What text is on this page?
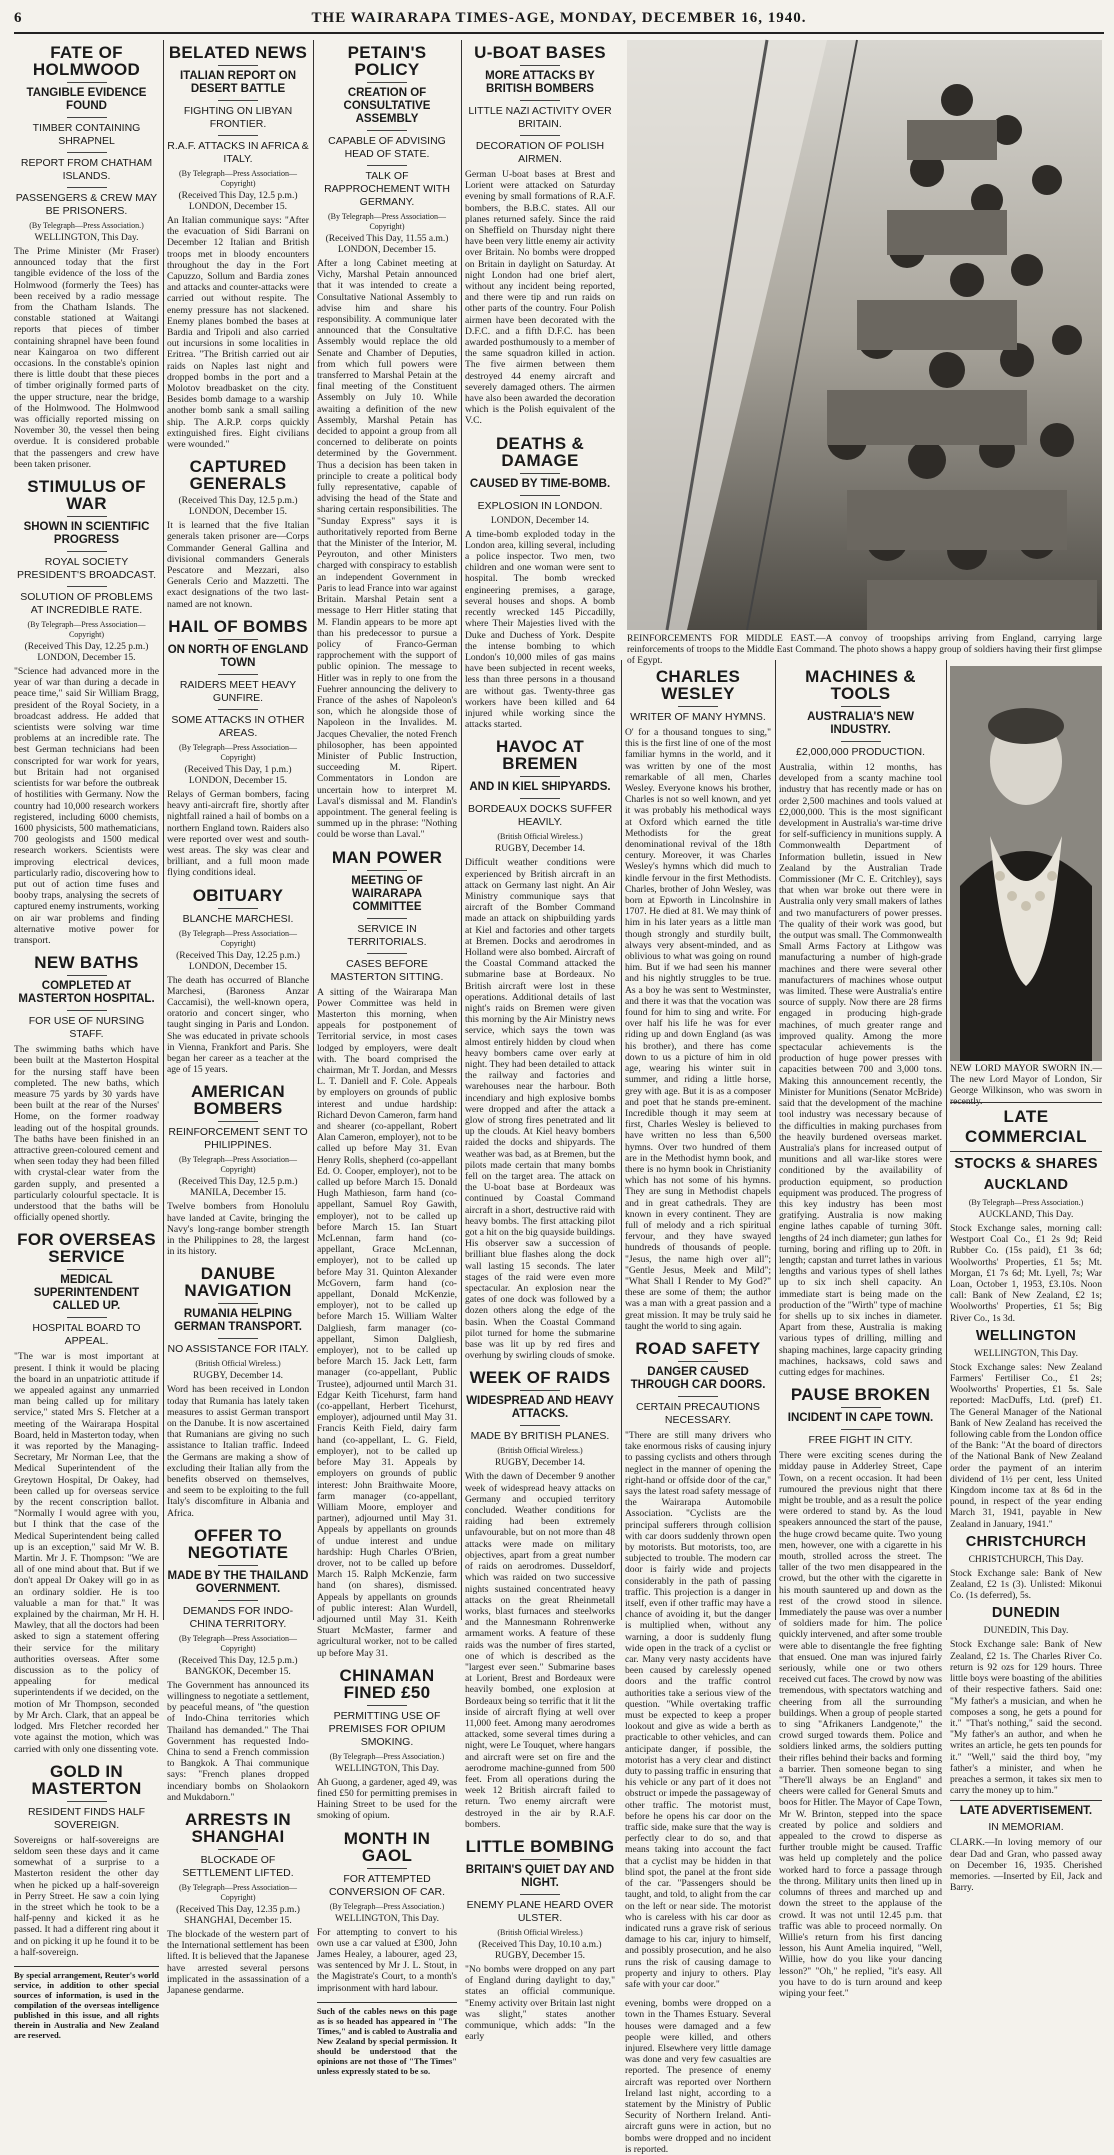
6	THE WAIRARAPA TIMES-AGE, MONDAY, DECEMBER 16, 1940.
FATE OF HOLMWOOD
TANGIBLE EVIDENCE FOUND
TIMBER CONTAINING SHRAPNEL
REPORT FROM CHATHAM ISLANDS.
PASSENGERS & CREW MAY BE PRISONERS.
(By Telegraph—Press Association.)
WELLINGTON, This Day.
The Prime Minister (Mr Fraser) announced today that the first tangible evidence of the loss of the Holmwood (formerly the Tees) has been received by a radio message from the Chatham Islands. The constable stationed at Waitangi reports that pieces of timber containing shrapnel have been found near Kaingaroa on two different occasions. In the constable's opinion there is little doubt that these pieces of timber originally formed parts of the upper structure, near the bridge, of the Holmwood. The Holmwood was officially reported missing on November 30, the vessel then being overdue. It is considered probable that the passengers and crew have been taken prisoner.
STIMULUS OF WAR
SHOWN IN SCIENTIFIC PROGRESS
ROYAL SOCIETY PRESIDENT'S BROADCAST.
SOLUTION OF PROBLEMS AT INCREDIBLE RATE.
(By Telegraph—Press Association—Copyright)
(Received This Day, 12.25 p.m.) LONDON, December 15.
"Science had advanced more in the year of war than during a decade in peace time," said Sir William Bragg, president of the Royal Society, in a broadcast address. He added that scientists were solving war time problems at an incredible rate. The best German technicians had been conscripted for war work for years, but Britain had not organised scientists for war before the outbreak of hostilities with Germany. Now the country had 10,000 research workers registered, including 6000 chemists, 1600 physicists, 500 mathematicians, 700 geologists and 1500 medical research workers. Scientists were improving electrical devices, particularly radio, discovering how to put out of action time fuses and booby traps, analysing the secrets of captured enemy instruments, working on air war problems and finding alternative motive power for transport.
NEW BATHS
COMPLETED AT MASTERTON HOSPITAL.
FOR USE OF NURSING STAFF.
The swimming baths which have been built at the Masterton Hospital for the nursing staff have been completed. The new baths, which measure 75 yards by 30 yards have been built at the rear of the Nurses' Home, on the former roadway leading out of the hospital grounds. The baths have been finished in an attractive green-coloured cement and when seen today they had been filled with crystal-clear water from the garden supply, and presented a particularly colourful spectacle. It is understood that the baths will be officially opened shortly.
FOR OVERSEAS SERVICE
MEDICAL SUPERINTENDENT CALLED UP.
HOSPITAL BOARD TO APPEAL.
"The war is most important at present. I think it would be placing the board in an unpatriotic attitude if we appealed against any unmarried man being called up for military service," stated Mrs S. Fletcher at a meeting of the Wairarapa Hospital Board, held in Masterton today, when it was reported by the Managing-Secretary, Mr Norman Lee, that the Medical Superintendent of the Greytown Hospital, Dr Oakey, had been called up for overseas service by the recent conscription ballot. "Normally I would agree with you, but I think that the case of the Medical Superintendent being called up is an exception," said Mr W. B. Martin. Mr J. F. Thompson: "We are all of one mind about that. But if we don't appeal Dr Oakey will go in as an ordinary soldier. He is too valuable a man for that." It was explained by the chairman, Mr H. H. Mawley, that all the doctors had been asked to sign a statement offering their service for the military authorities overseas. After some discussion as to the policy of appealing for medical superintendents if we decided, on the motion of Mr Thompson, seconded by Mr Arch. Clark, that an appeal be lodged. Mrs Fletcher recorded her vote against the motion, which was carried with only one dissenting vote.
GOLD IN MASTERTON
RESIDENT FINDS HALF SOVEREIGN.
Sovereigns or half-sovereigns are seldom seen these days and it came somewhat of a surprise to a Masterton resident the other day when he picked up a half-sovereign in Perry Street. He saw a coin lying in the street which he took to be a half-penny and kicked it as he passed. It had a different ring about it and on picking it up he found it to be a half-sovereign.
By special arrangement, Reuter's world service, in addition to other special sources of information, is used in the compilation of the overseas intelligence published in this issue, and all rights therein in Australia and New Zealand are reserved.
BELATED NEWS
ITALIAN REPORT ON DESERT BATTLE
FIGHTING ON LIBYAN FRONTIER.
R.A.F. ATTACKS IN AFRICA & ITALY.
(By Telegraph—Press Association—Copyright)
(Received This Day, 12.5 p.m.) LONDON, December 15.
An Italian communique says: "After the evacuation of Sidi Barrani on December 12 Italian and British troops met in bloody encounters throughout the day in the Fort Capuzzo, Sollum and Bardia zones and attacks and counter-attacks were carried out without respite. The enemy pressure has not slackened. Enemy planes bombed the bases at Bardia and Tripoli and also carried out incursions in some localities in Eritrea. "The British carried out air raids on Naples last night and dropped bombs in the port and a Molotov breadbasket on the city. Besides bomb damage to a warship another bomb sank a small sailing ship. The A.R.P. corps quickly extinguished fires. Eight civilians were wounded."
CAPTURED GENERALS
(Received This Day, 12.5 p.m.) LONDON, December 15.
It is learned that the five Italian generals taken prisoner are—Corps Commander General Gallina and divisional commanders Generals Pescatore and Mezzari, also Generals Cerio and Mazzetti. The exact designations of the two last-named are not known.
HAIL OF BOMBS
ON NORTH OF ENGLAND TOWN
RAIDERS MEET HEAVY GUNFIRE.
SOME ATTACKS IN OTHER AREAS.
(By Telegraph—Press Association—Copyright)
(Received This Day, 1 p.m.) LONDON, December 15.
Relays of German bombers, facing heavy anti-aircraft fire, shortly after nightfall rained a hail of bombs on a northern England town. Raiders also were reported over west and south-west areas. The sky was clear and brilliant, and a full moon made flying conditions ideal.
OBITUARY
BLANCHE MARCHESI.
(By Telegraph—Press Association—Copyright)
(Received This Day, 12.25 p.m.) LONDON, December 15.
The death has occurred of Blanche Marchesi, (Baroness Anzar Caccamisi), the well-known opera, oratorio and concert singer, who taught singing in Paris and London. She was educated in private schools in Vienna, Frankfort and Paris. She began her career as a teacher at the age of 15 years.
AMERICAN BOMBERS
REINFORCEMENT SENT TO PHILIPPINES.
(By Telegraph—Press Association—Copyright)
(Received This Day, 12.5 p.m.) MANILA, December 15.
Twelve bombers from Honolulu have landed at Cavite, bringing the Navy's long-range bomber strength in the Philippines to 28, the largest in its history.
DANUBE NAVIGATION
RUMANIA HELPING GERMAN TRANSPORT.
NO ASSISTANCE FOR ITALY.
(British Official Wireless.)
RUGBY, December 14.
Word has been received in London today that Rumania has lately taken measures to assist German transport on the Danube. It is now ascertained that Rumanians are giving no such assistance to Italian traffic. Indeed the Germans are making a show of excluding their Italian ally from the benefits observed on themselves, and seem to be exploiting to the full Italy's discomfiture in Albania and Africa.
OFFER TO NEGOTIATE
MADE BY THE THAILAND GOVERNMENT.
DEMANDS FOR INDO-CHINA TERRITORY.
(By Telegraph—Press Association—Copyright)
(Received This Day, 12.5 p.m.) BANGKOK, December 15.
The Government has announced its willingness to negotiate a settlement, by peaceful means, of "the question of Indo-China territories which Thailand has demanded." The Thai Government has requested Indo-China to send a French commission to Bangkok. A Thai communique says: "French planes dropped incendiary bombs on Sholaokorn and Mukdaborn."
ARRESTS IN SHANGHAI
BLOCKADE OF SETTLEMENT LIFTED.
(By Telegraph—Press Association—Copyright)
(Received This Day, 12.35 p.m.) SHANGHAI, December 15.
The blockade of the western part of the International settlement has been lifted. It is believed that the Japanese have arrested several persons implicated in the assassination of a Japanese gendarme.
PETAIN'S POLICY
CREATION OF CONSULTATIVE ASSEMBLY
CAPABLE OF ADVISING HEAD OF STATE.
TALK OF RAPPROCHEMENT WITH GERMANY.
(By Telegraph—Press Association—Copyright)
(Received This Day, 11.55 a.m.) LONDON, December 15.
After a long Cabinet meeting at Vichy, Marshal Petain announced that it was intended to create a Consultative National Assembly to advise him and share his responsibility. A communique later announced that the Consultative Assembly would replace the old Senate and Chamber of Deputies, from which full powers were transferred to Marshal Petain at the final meeting of the Constituent Assembly on July 10. While awaiting a definition of the new Assembly, Marshal Petain has decided to appoint a group from all concerned to deliberate on points determined by the Government. Thus a decision has been taken in principle to create a political body fully representative, capable of advising the head of the State and sharing certain responsibilities. The "Sunday Express" says it is authoritatively reported from Berne that the Minister of the Interior, M. Peyrouton, and other Ministers charged with conspiracy to establish an independent Government in Paris to lead France into war against Britain. Marshal Petain sent a message to Herr Hitler stating that M. Flandin appears to be more apt than his predecessor to pursue a policy of Franco-German rapprochement with the support of public opinion. The message to Hitler was in reply to one from the Fuehrer announcing the delivery to France of the ashes of Napoleon's son, which he alongside those of Napoleon in the Invalides. M. Jacques Chevalier, the noted French philosopher, has been appointed Minister of Public Instruction, succeeding M. Ripert. Commentators in London are uncertain how to interpret M. Laval's dismissal and M. Flandin's appointment. The general feeling is summed up in the phrase: "Nothing could be worse than Laval."
MAN POWER
MEETING OF WAIRARAPA COMMITTEE
SERVICE IN TERRITORIALS.
CASES BEFORE MASTERTON SITTING.
A sitting of the Wairarapa Man Power Committee was held in Masterton this morning, when appeals for postponement of Territorial service, in most cases lodged by employers, were dealt with. The board comprised the chairman, Mr T. Jordan, and Messrs L. T. Daniell and F. Cole. Appeals by employers on grounds of public interest and undue hardship: Richard Devon Cameron, farm hand and shearer (co-appellant, Robert Alan Cameron, employer), not to be called up before May 31. Evan Henry Rolls, shepherd (co-appellant Ed. O. Cooper, employer), not to be called up before March 15. Donald Hugh Mathieson, farm hand (co-appellant, Samuel Roy Gawith, employer), not to be called up before March 15. Ian Stuart McLennan, farm hand (co-appellant, Grace McLennan, employer), not to be called up before May 31. Quinton Alexander McGovern, farm hand (co-appellant, Donald McKenzie, employer), not to be called up before March 15. William Walter Dalgliesh, farm manager (co-appellant, Simon Dalgliesh, employer), not to be called up before March 15. Jack Lett, farm manager (co-appellant, Public Trustee), adjourned until March 31. Edgar Keith Ticehurst, farm hand (co-appellant, Herbert Ticehurst, employer), adjourned until May 31. Francis Keith Field, dairy farm hand (co-appellant, L. G. Field, employer), not to be called up before May 31. Appeals by employers on grounds of public interest: John Braithwaite Moore, farm manager (co-appellant, William Moore, employer and partner), adjourned until May 31. Appeals by appellants on grounds of undue interest and undue hardship: Hugh Charles O'Brien, drover, not to be called up before March 15. Ralph McKenzie, farm hand (on shares), dismissed. Appeals by appellants on grounds of public interest: Alan Wurdell, adjourned until May 31. Keith Stuart McMaster, farmer and agricultural worker, not to be called up before May 31.
CHINAMAN FINED £50
PERMITTING USE OF PREMISES FOR OPIUM SMOKING.
(By Telegraph—Press Association.)
WELLINGTON, This Day.
Ah Guong, a gardener, aged 49, was fined £50 for permitting premises in Haining Street to be used for the smoking of opium.
MONTH IN GAOL
FOR ATTEMPTED CONVERSION OF CAR.
(By Telegraph—Press Association.)
WELLINGTON, This Day.
For attempting to convert to his own use a car valued at £300, John James Healey, a labourer, aged 23, was sentenced by Mr J. L. Stout, in the Magistrate's Court, to a month's imprisonment with hard labour.
Such of the cables news on this page as is so headed has appeared in "The Times," and is cabled to Australia and New Zealand by special permission. It should be understood that the opinions are not those of "The Times" unless expressly stated to be so.
U-BOAT BASES
MORE ATTACKS BY BRITISH BOMBERS
LITTLE NAZI ACTIVITY OVER BRITAIN.
DECORATION OF POLISH AIRMEN.
German U-boat bases at Brest and Lorient were attacked on Saturday evening by small formations of R.A.F. bombers, the B.B.C. states. All our planes returned safely. Since the raid on Sheffield on Thursday night there have been very little enemy air activity over Britain. No bombs were dropped on Britain in daylight on Saturday. At night London had one brief alert, without any incident being reported, and there were tip and run raids on other parts of the country. Four Polish airmen have been decorated with the D.F.C. and a fifth D.F.C. has been awarded posthumously to a member of the same squadron killed in action. The five airmen between them destroyed 44 enemy aircraft and severely damaged others. The airmen have also been awarded the decoration which is the Polish equivalent of the V.C.
DEATHS & DAMAGE
CAUSED BY TIME-BOMB.
EXPLOSION IN LONDON.
LONDON, December 14.
A time-bomb exploded today in the London area, killing several, including a police inspector. Two men, two children and one woman were sent to hospital. The bomb wrecked engineering premises, a garage, several houses and shops. A bomb recently wrecked 145 Piccadilly, where Their Majesties lived with the Duke and Duchess of York. Despite the intense bombing to which London's 10,000 miles of gas mains have been subjected in recent weeks, less than three persons in a thousand are without gas. Twenty-three gas workers have been killed and 64 injured while working since the attacks started.
HAVOC AT BREMEN
AND IN KIEL SHIPYARDS.
BORDEAUX DOCKS SUFFER HEAVILY.
(British Official Wireless.)
RUGBY, December 14.
Difficult weather conditions were experienced by British aircraft in an attack on Germany last night. An Air Ministry communique says that aircraft of the Bomber Command made an attack on shipbuilding yards at Kiel and factories and other targets at Bremen. Docks and aerodromes in Holland were also bombed. Aircraft of the Coastal Command attacked the submarine base at Bordeaux. No British aircraft were lost in these operations. Additional details of last night's raids on Bremen were given this morning by the Air Ministry news service, which says the town was almost entirely hidden by cloud when heavy bombers came over early at night. They had been detailed to attack the railway and factories and warehouses near the harbour. Both incendiary and high explosive bombs were dropped and after the attack a glow of strong fires penetrated and lit up the clouds. At Kiel heavy bombers raided the docks and shipyards. The weather was bad, as at Bremen, but the pilots made certain that many bombs fell on the target area. The attack on the U-boat base at Bordeaux was continued by Coastal Command aircraft in a short, destructive raid with heavy bombs. The first attacking pilot got a hit on the big quayside buildings. His observer saw a succession of brilliant blue flashes along the dock wall lasting 15 seconds. The later stages of the raid were even more spectacular. An explosion near the gates of one dock was followed by a dozen others along the edge of the basin. When the Coastal Command pilot turned for home the submarine base was lit up by red fires and overhung by swirling clouds of smoke.
WEEK OF RAIDS
WIDESPREAD AND HEAVY ATTACKS.
MADE BY BRITISH PLANES.
(British Official Wireless.)
RUGBY, December 14.
With the dawn of December 9 another week of widespread heavy attacks on Germany and occupied territory concluded. Weather conditions for raiding had been extremely unfavourable, but on not more than 48 attacks were made on military objectives, apart from a great number of raids on aerodromes. Dusseldorf, which was raided on two successive nights sustained concentrated heavy attacks on the great Rheinmetall works, blast furnaces and steelworks and the Mannesmann Rohrenwerke armament works. A feature of these raids was the number of fires started, one of which is described as the "largest ever seen." Submarine bases at Lorient, Brest and Bordeaux were heavily bombed, one explosion at Bordeaux being so terrific that it lit the inside of aircraft flying at well over 11,000 feet. Among many aerodromes attacked, some several times during a night, were Le Touquet, where hangars and aircraft were set on fire and the aerodrome machine-gunned from 500 feet. From all operations during the week 12 British aircraft failed to return. Two enemy aircraft were destroyed in the air by R.A.F. bombers.
LITTLE BOMBING
BRITAIN'S QUIET DAY AND NIGHT.
ENEMY PLANE HEARD OVER ULSTER.
(British Official Wireless.)
(Received This Day, 10.10 a.m.) RUGBY, December 15.
"No bombs were dropped on any part of England during daylight to day," states an official communique. "Enemy activity over Britain last night was slight," states another communique, which adds: "In the early
REINFORCEMENTS FOR MIDDLE EAST.—A convoy of troopships arriving from England, carrying large reinforcements of troops to the Middle East Command. The photo shows a happy group of soldiers having their first glimpse of Egypt.
CHARLES WESLEY
WRITER OF MANY HYMNS.
O' for a thousand tongues to sing," this is the first line of one of the most familiar hymns in the world, and it was written by one of the most remarkable of all men, Charles Wesley. Everyone knows his brother, Charles is not so well known, and yet it was probably his methodical ways at Oxford which earned the title Methodists for the great denominational revival of the 18th century. Moreover, it was Charles Wesley's hymns which did much to kindle fervour in the first Methodists. Charles, brother of John Wesley, was born at Epworth in Lincolnshire in 1707. He died at 81. We may think of him in his later years as a little man though strongly and sturdily built, always very absent-minded, and as oblivious to what was going on round him. But if we had seen his manner and his nightly struggles to be true. As a boy he was sent to Westminster, and there it was that the vocation was found for him to sing and write. For over half his life he was for ever riding up and down England (as was his brother), and there has come down to us a picture of him in old age, wearing his winter suit in summer, and riding a little horse, grey with age. But it is as a composer and poet that he stands pre-eminent. Incredible though it may seem at first, Charles Wesley is believed to have written no less than 6,500 hymns. Over two hundred of them are in the Methodist hymn book, and there is no hymn book in Christianity which has not some of his hymns. They are sung in Methodist chapels and in great cathedrals. They are known in every continent. They are full of melody and a rich spiritual fervour, and they have swayed hundreds of thousands of people. "Jesus, the name high over all"; "Gentle Jesus, Meek and Mild"; "What Shall I Render to My God?" these are some of them; the author was a man with a great passion and a great mission. It may be truly said he taught the world to sing again.
ROAD SAFETY
DANGER CAUSED THROUGH CAR DOORS.
CERTAIN PRECAUTIONS NECESSARY.
"There are still many drivers who take enormous risks of causing injury to passing cyclists and others through neglect in the manner of opening the right-hand or offside door of the car," says the latest road safety message of the Wairarapa Automobile Association. "Cyclists are the principal sufferers through collision with car doors suddenly thrown open by motorists. But motorists, too, are subjected to trouble. The modern car door is fairly wide and projects considerably in the path of passing traffic. This projection is a danger in itself, even if other traffic may have a chance of avoiding it, but the danger is multiplied when, without any warning, a door is suddenly flung wide open in the track of a cyclist or car. Many very nasty accidents have been caused by carelessly opened doors and the traffic control authorities take a serious view of the question. "While overtaking traffic must be expected to keep a proper lookout and give as wide a berth as practicable to other vehicles, and can anticipate danger, if possible, the motorist has a very clear and distinct duty to passing traffic in ensuring that his vehicle or any part of it does not obstruct or impede the passageway of other traffic. The motorist must, before he opens his car door on the traffic side, make sure that the way is perfectly clear to do so, and that means taking into account the fact that a cyclist may be hidden in that blind spot, the panel at the front side of the car. "Passengers should be taught, and told, to alight from the car on the left or near side. The motorist who is careless with his car door as indicated runs a grave risk of serious damage to his car, injury to himself, and possibly prosecution, and he also runs the risk of causing damage to property and injury to others. Play safe with your car door."
evening, bombs were dropped on a town in the Thames Estuary. Several houses were damaged and a few people were killed, and others injured. Elsewhere very little damage was done and very few casualties are reported. The presence of enemy aircraft was reported over Northern Ireland last night, according to a statement by the Ministry of Public Security of Northern Ireland. Anti-aircraft guns were in action, but no bombs were dropped and no incident is reported.
MACHINES & TOOLS
AUSTRALIA'S NEW INDUSTRY.
£2,000,000 PRODUCTION.
Australia, within 12 months, has developed from a scanty machine tool industry that has recently made or has on order 2,500 machines and tools valued at £2,000,000. This is the most significant development in Australia's war-time drive for self-sufficiency in munitions supply. A Commonwealth Department of Information bulletin, issued in New Zealand by the Australian Trade Commissioner (Mr C. E. Critchley), says that when war broke out there were in Australia only very small makers of lathes and two manufacturers of power presses. The quality of their work was good, but the output was small. The Commonwealth Small Arms Factory at Lithgow was manufacturing a number of high-grade machines and there were several other manufacturers of machines whose output was limited. These were Australia's entire source of supply. Now there are 28 firms engaged in producing high-grade machines, of much greater range and improved quality. Among the more spectacular achievements is the production of huge power presses with capacities between 700 and 3,000 tons. Making this announcement recently, the Minister for Munitions (Senator McBride) said that the development of the machine tool industry was necessary because of the difficulties in making purchases from the heavily burdened overseas market. Australia's plans for increased output of munitions and all war-like stores were conditioned by the availability of production equipment, so production equipment was produced. The progress of this key industry has been most gratifying. Australia is now making engine lathes capable of turning 30ft. lengths of 24 inch diameter; gun lathes for turning, boring and rifling up to 20ft. in length; capstan and turret lathes in various lengths and various types of shell lathes up to six inch shell capacity. An immediate start is being made on the production of the "Wirth" type of machine for shells up to six inches in diameter. Apart from these, Australia is making various types of drilling, milling and shaping machines, large capacity grinding machines, hacksaws, cold saws and cutting edges for machines.
PAUSE BROKEN
INCIDENT IN CAPE TOWN.
FREE FIGHT IN CITY.
There were exciting scenes during the midday pause in Adderley Street, Cape Town, on a recent occasion. It had been rumoured the previous night that there might be trouble, and as a result the police were ordered to stand by. As the loud speakers announced the start of the pause, the huge crowd became quite. Two young men, however, one with a cigarette in his mouth, strolled across the street. The taller of the two men disappeared in the crowd, but the other with the cigarette in his mouth sauntered up and down as the rest of the crowd stood in silence. Immediately the pause was over a number of soldiers made for him. The police quickly intervened, and after some trouble were able to disentangle the free fighting that ensued. One man was injured fairly seriously, while one or two others received cut faces. The crowd by now was tremendous, with spectators watching and cheering from all the surrounding buildings. When a group of people started to sing "Afrikaners Landgenote," the crowd surged towards them. Police and soldiers linked arms, the soldiers putting their rifles behind their backs and forming a barrier. Then someone began to sing "There'll always be an England" and cheers were called for General Smuts and boos for Hitler. The Mayor of Cape Town, Mr W. Brinton, stepped into the space created by police and soldiers and appealed to the crowd to disperse as further trouble might be caused. Traffic was held up completely and the police worked hard to force a passage through the throng. Military units then lined up in columns of threes and marched up and down the street to the applause of the crowd. It was not until 12.45 p.m. that traffic was able to proceed normally. On Willie's return from his first dancing lesson, his Aunt Amelia inquired, "Well, Willie, how do you like your dancing lesson?" "Oh," he replied, "it's easy. All you have to do is turn around and keep wiping your feet."
NEW LORD MAYOR SWORN IN.—The new Lord Mayor of London, Sir George Wilkinson, who was sworn in recently.
LATE COMMERCIAL
STOCKS & SHARES
AUCKLAND
(By Telegraph—Press Association.)
AUCKLAND, This Day.
Stock Exchange sales, morning call: Westport Coal Co., £1 2s 9d; Reid Rubber Co. (15s paid), £1 3s 6d; Woolworths' Properties, £1 5s; Mt. Morgan, £1 7s 6d; Mt. Lyell, 7s; War Loan, October 1, 1953, £3.10s. Noon call: Bank of New Zealand, £2 1s; Woolworths' Properties, £1 5s; Big River Co., 1s 3d.
WELLINGTON
WELLINGTON, This Day.
Stock Exchange sales: New Zealand Farmers' Fertiliser Co., £1 2s; Woolworths' Properties, £1 5s. Sale reported: MacDuffs, Ltd. (pref) £1. The General Manager of the National Bank of New Zealand has received the following cable from the London office of the Bank: "At the board of directors of the National Bank of New Zealand order the payment of an interim dividend of 1½ per cent, less United Kingdom income tax at 8s 6d in the pound, in respect of the year ending March 31, 1941, payable in New Zealand in January, 1941."
CHRISTCHURCH
CHRISTCHURCH, This Day.
Stock Exchange sale: Bank of New Zealand, £2 1s (3). Unlisted: Mikonui Co. (1s deferred), 5s.
DUNEDIN
DUNEDIN, This Day.
Stock Exchange sale: Bank of New Zealand, £2 1s. The Charles River Co. return is 92 ozs for 129 hours. Three little boys were boasting of the abilities of their respective fathers. Said one: "My father's a musician, and when he composes a song, he gets a pound for it." "That's nothing," said the second. "My father's an author, and when he writes an article, he gets ten pounds for it." "Well," said the third boy, "my father's a minister, and when he preaches a sermon, it takes six men to carry the money up to him."
LATE ADVERTISEMENT.
IN MEMORIAM.
CLARK.—In loving memory of our dear Dad and Gran, who passed away on December 16, 1935. Cherished memories. —Inserted by Eil, Jack and Barry.
